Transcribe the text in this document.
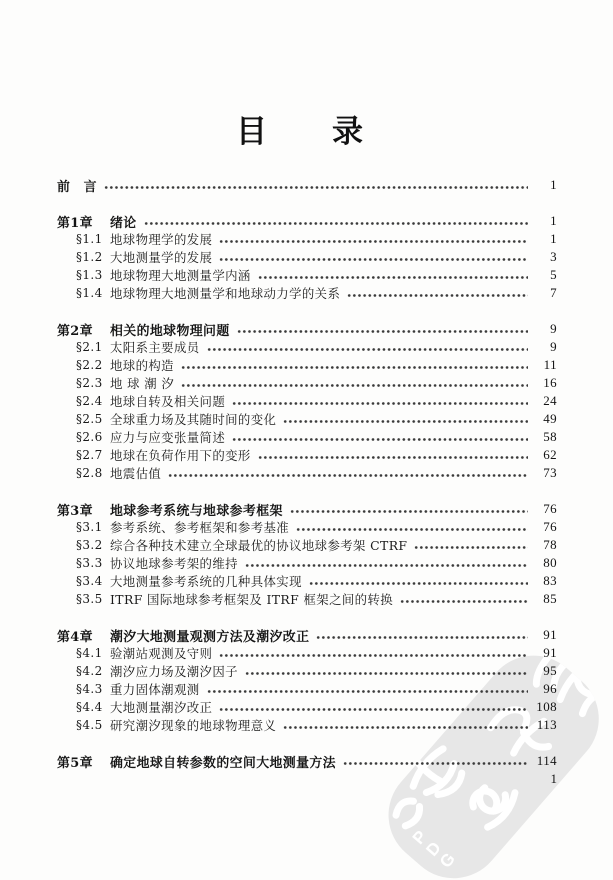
PDG
目　　录
前　言	1
第1章	绪论	1
§1.1 地球物理学的发展	1
§1.2 大地测量学的发展	3
§1.3 地球物理大地测量学内涵	5
§1.4 地球物理大地测量学和地球动力学的关系	7
第2章	相关的地球物理问题	9
§2.1 太阳系主要成员	9
§2.2 地球的构造	11
§2.3 地 球 潮 汐	16
§2.4 地球自转及相关问题	24
§2.5 全球重力场及其随时间的变化	49
§2.6 应力与应变张量简述	58
§2.7 地球在负荷作用下的变形	62
§2.8 地震估值	73
第3章	地球参考系统与地球参考框架	76
§3.1 参考系统、参考框架和参考基准	76
§3.2 综合各种技术建立全球最优的协议地球参考架 CTRF	78
§3.3 协议地球参考架的维持	80
§3.4 大地测量参考系统的几种具体实现	83
§3.5 ITRF 国际地球参考框架及 ITRF 框架之间的转换	85
第4章	潮汐大地测量观测方法及潮汐改正	91
§4.1 验潮站观测及守则	91
§4.2 潮汐应力场及潮汐因子	95
§4.3 重力固体潮观测	96
§4.4 大地测量潮汐改正	108
§4.5 研究潮汐现象的地球物理意义	113
第5章	确定地球自转参数的空间大地测量方法	114
1
